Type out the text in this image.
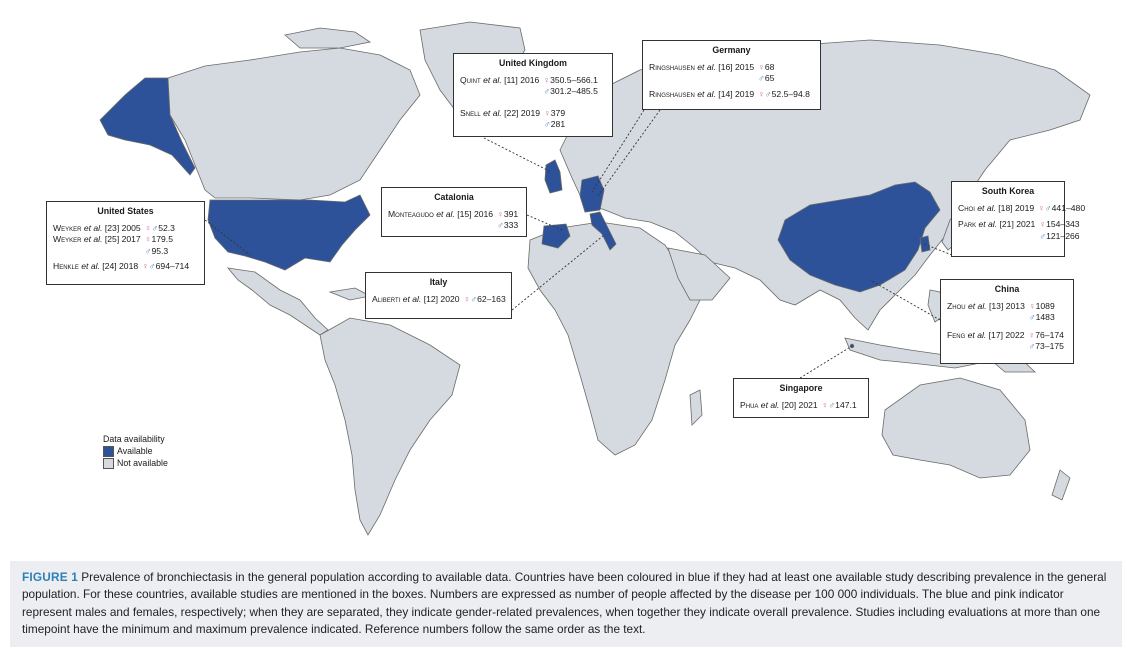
United Kingdom
Quint et al. [11] 2016 ♀350.5–566.1
♂301.2–485.5
Snell et al. [22] 2019 ♀379
♂281
Germany
Ringshausen et al. [16] 2015 ♀68
♂65
Ringshausen et al. [14] 2019 ♀♂52.5–94.8
United States
Weyker et al. [23] 2005 ♀♂52.3
Weyker et al. [25] 2017 ♀179.5
♂95.3
Henkle et al. [24] 2018 ♀♂694–714
Catalonia
Monteagudo et al. [15] 2016 ♀391
♂333
Italy
Aliberti et al. [12] 2020 ♀♂62–163
South Korea
Choi et al. [18] 2019 ♀♂441–480
Park et al. [21] 2021 ♀154–343
♂121–266
China
Zhou et al. [13] 2013 ♀1089
♂1483
Feng et al. [17] 2022 ♀76–174
♂73–175
Singapore
Phua et al. [20] 2021 ♀♂147.1
Data availability
Available
Not available
FIGURE 1 Prevalence of bronchiectasis in the general population according to available data. Countries have been coloured in blue if they had at least one available study describing prevalence in the general population. For these countries, available studies are mentioned in the boxes. Numbers are expressed as number of people affected by the disease per 100 000 individuals. The blue and pink indicator represent males and females, respectively; when they are separated, they indicate gender-related prevalences, when together they indicate overall prevalence. Studies including evaluations at more than one timepoint have the minimum and maximum prevalence indicated. Reference numbers follow the same order as the text.
